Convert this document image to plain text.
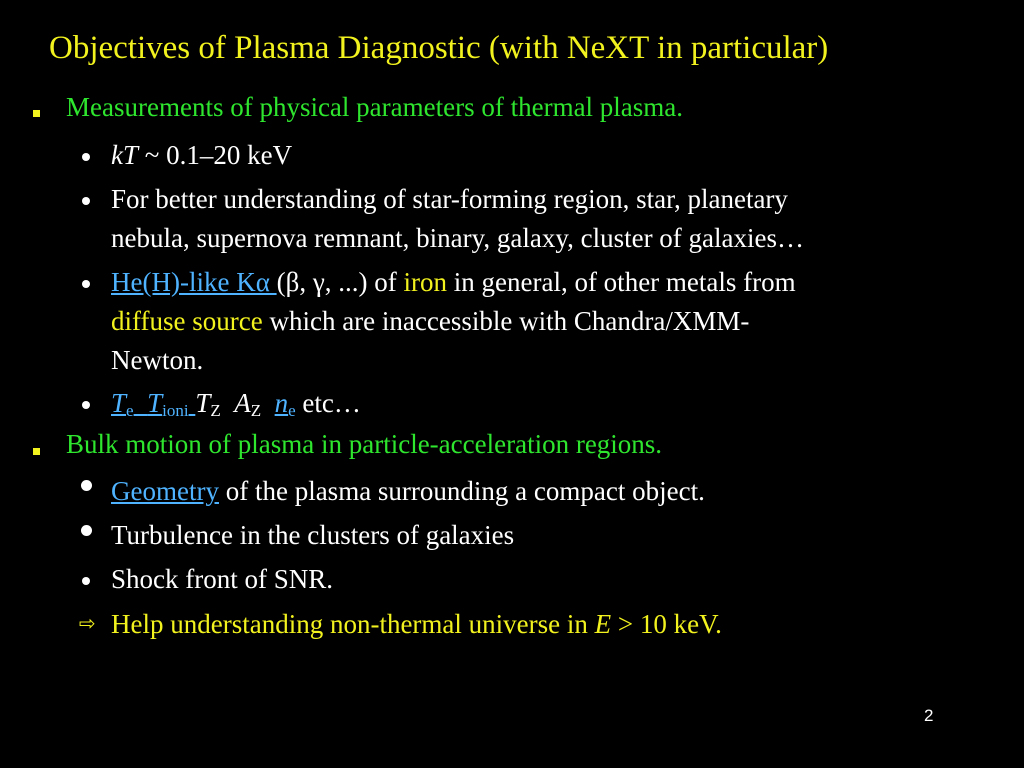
Objectives of Plasma Diagnostic (with NeXT in particular)
Measurements of physical parameters of thermal plasma.
kT ~ 0.1–20 keV
For better understanding of star-forming region, star, planetary
nebula, supernova remnant, binary, galaxy, cluster of galaxies…
He(H)-like Kα (β, γ, ...) of iron in general, of other metals from
diffuse source which are inaccessible with Chandra/XMM-
Newton.
$T_e$ $T_{ioni}$ $T_Z$ $A_Z$ $n_e$ etc…
Bulk motion of plasma in particle-acceleration regions.
Geometry of the plasma surrounding a compact object.
Turbulence in the clusters of galaxies
Shock front of SNR.
⇨ Help understanding non-thermal universe in E > 10 keV.
2
